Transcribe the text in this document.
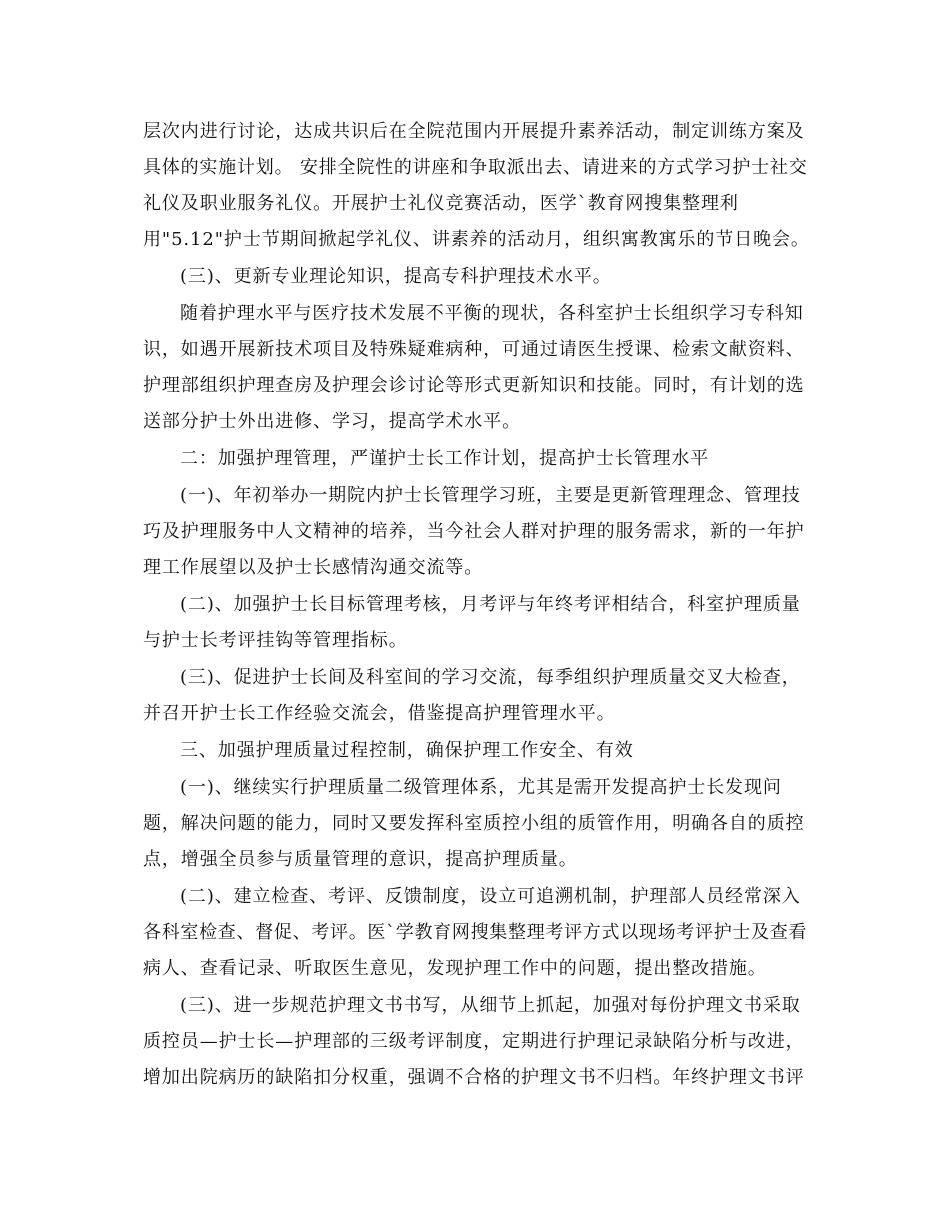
层次内进行讨论，达成共识后在全院范围内开展提升素养活动，制定训练方案及
具体的实施计划。 安排全院性的讲座和争取派出去、请进来的方式学习护士社交
礼仪及职业服务礼仪。开展护士礼仪竞赛活动，医学`教育网搜集整理利
用"5.12"护士节期间掀起学礼仪、讲素养的活动月，组织寓教寓乐的节日晚会。
(三)、更新专业理论知识，提高专科护理技术水平。
随着护理水平与医疗技术发展不平衡的现状，各科室护士长组织学习专科知
识，如遇开展新技术项目及特殊疑难病种，可通过请医生授课、检索文献资料、
护理部组织护理查房及护理会诊讨论等形式更新知识和技能。同时，有计划的选
送部分护士外出进修、学习，提高学术水平。
二：加强护理管理，严谨护士长工作计划，提高护士长管理水平
(一)、年初举办一期院内护士长管理学习班，主要是更新管理理念、管理技
巧及护理服务中人文精神的培养，当今社会人群对护理的服务需求，新的一年护
理工作展望以及护士长感情沟通交流等。
(二)、加强护士长目标管理考核，月考评与年终考评相结合，科室护理质量
与护士长考评挂钩等管理指标。
(三)、促进护士长间及科室间的学习交流，每季组织护理质量交叉大检查，
并召开护士长工作经验交流会，借鉴提高护理管理水平。
三、加强护理质量过程控制，确保护理工作安全、有效
(一)、继续实行护理质量二级管理体系，尤其是需开发提高护士长发现问
题，解决问题的能力，同时又要发挥科室质控小组的质管作用，明确各自的质控
点，增强全员参与质量管理的意识，提高护理质量。
(二)、建立检查、考评、反馈制度，设立可追溯机制，护理部人员经常深入
各科室检查、督促、考评。医`学教育网搜集整理考评方式以现场考评护士及查看
病人、查看记录、听取医生意见，发现护理工作中的问题，提出整改措施。
(三)、进一步规范护理文书书写，从细节上抓起，加强对每份护理文书采取
质控员—护士长—护理部的三级考评制度，定期进行护理记录缺陷分析与改进，
增加出院病历的缺陷扣分权重，强调不合格的护理文书不归档。年终护理文书评
